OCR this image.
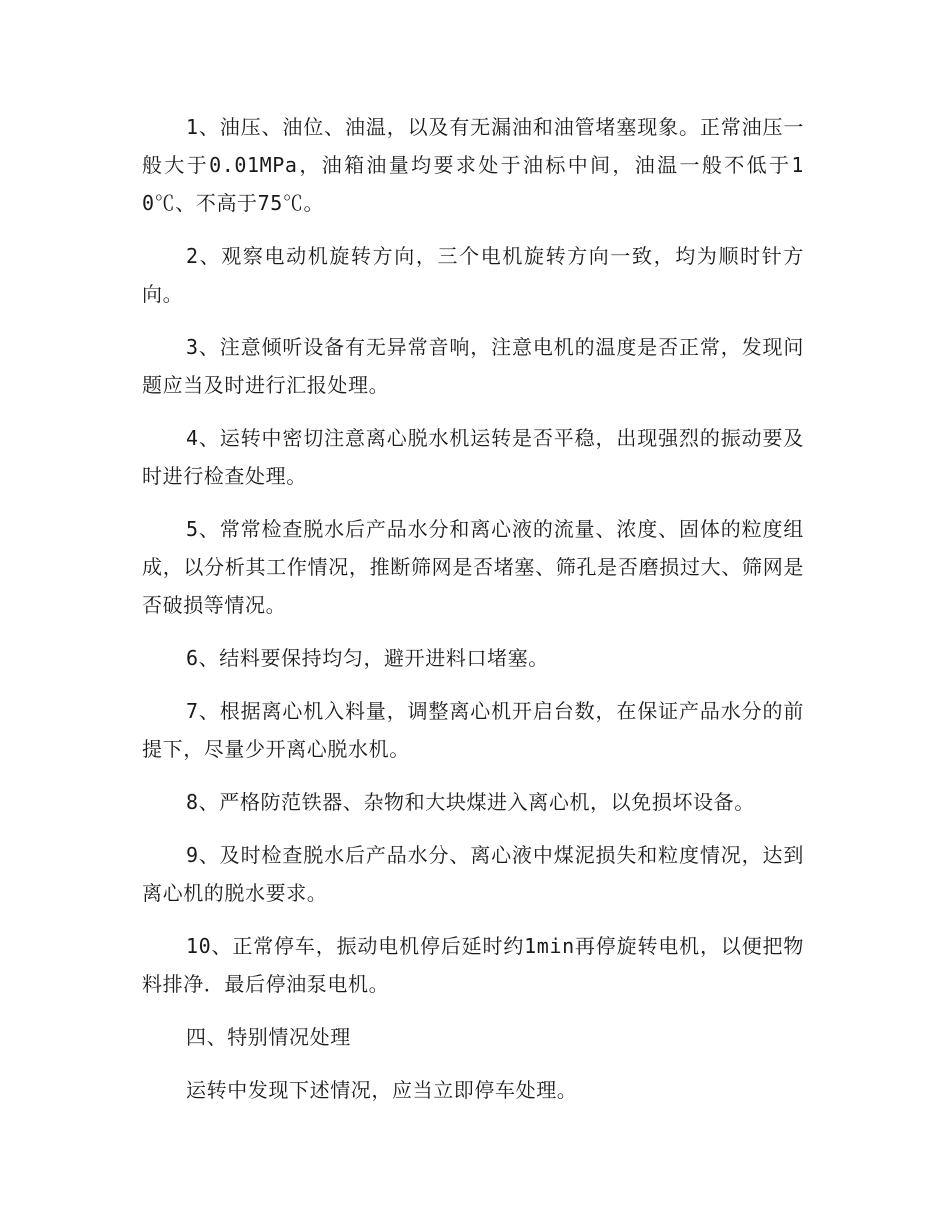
1、油压、油位、油温，以及有无漏油和油管堵塞现象。正常油压一般大于0.01MPa，油箱油量均要求处于油标中间，油温一般不低于10℃、不高于75℃。

2、观察电动机旋转方向，三个电机旋转方向一致，均为顺时针方向。

3、注意倾听设备有无异常音响，注意电机的温度是否正常，发现问题应当及时进行汇报处理。

4、运转中密切注意离心脱水机运转是否平稳，出现强烈的振动要及时进行检查处理。

5、常常检查脱水后产品水分和离心液的流量、浓度、固体的粒度组成，以分析其工作情况，推断筛网是否堵塞、筛孔是否磨损过大、筛网是否破损等情况。

6、结料要保持均匀，避开进料口堵塞。

7、根据离心机入料量，调整离心机开启台数，在保证产品水分的前提下，尽量少开离心脱水机。

8、严格防范铁器、杂物和大块煤进入离心机，以免损坏设备。

9、及时检查脱水后产品水分、离心液中煤泥损失和粒度情况，达到离心机的脱水要求。

10、正常停车，振动电机停后延时约1min再停旋转电机，以便把物料排净．最后停油泵电机。

四、特别情况处理

运转中发现下述情况，应当立即停车处理。
